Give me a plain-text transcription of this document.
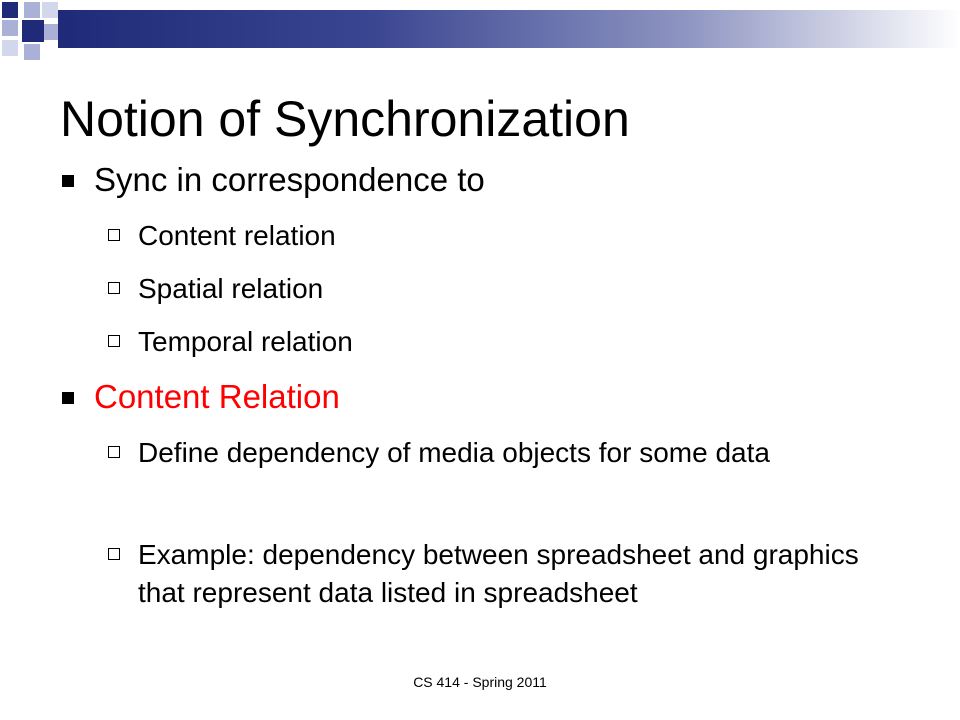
Notion of Synchronization
Sync in correspondence to
Content relation
Spatial relation
Temporal relation
Content Relation
Define dependency of media objects for some data
Example: dependency between spreadsheet and graphics that represent data listed in spreadsheet
CS 414 - Spring 2011
